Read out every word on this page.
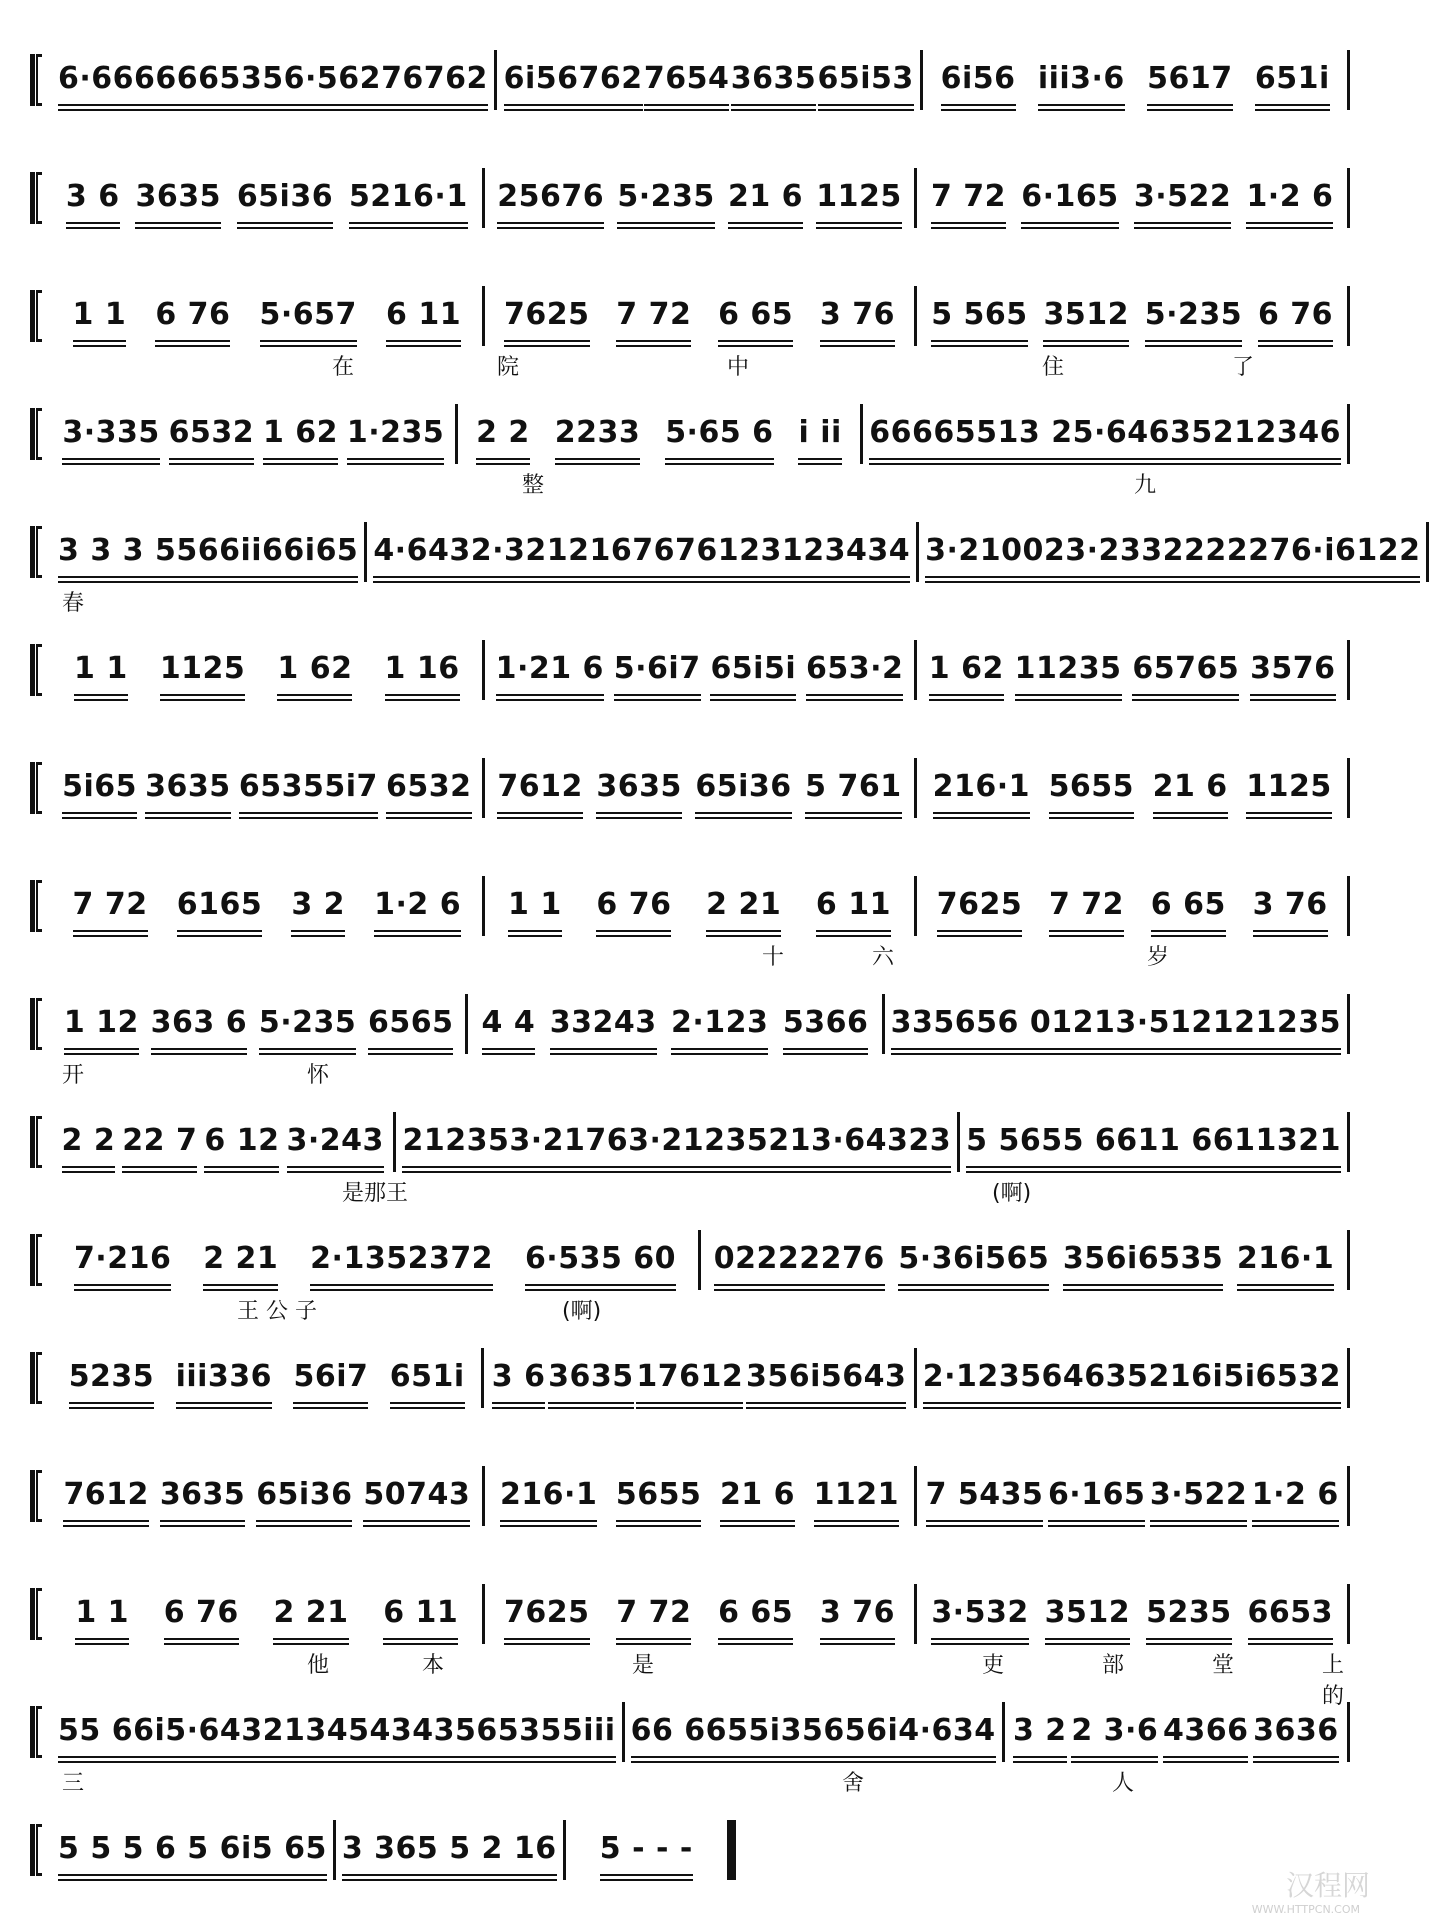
6·666 666535 6·562 76762 6i56762 7654 3635 65i53 6i56 iii3·6 5617 651i
3 6 3635 65i36 5216·1 25676 5·235 21 6 1125 7 72 6·165 3·522 1·2 6
1 1 6 76 5·657 6 11 7625 7 72 6 65 3 76 5 565 3512 5·235 6 76
在	院	中	住	了
3·335 6532 1 62 1·235 2 2 2233 5·65 6 i ii 6666 5513 2 5·64635 212346
整	九
3 3 3 55 66ii 66i65 4·643 2·321 21676761 23123434 3·21002 3·233 222227 6·i6122
春
1 1 1125 1 62 1 16 1·21 6 5·6i7 65i5i 653·2 1 62 11235 65765 3576
5i65 3635 65355i7 6532 7612 3635 65i36 5 761 216·1 5655 21 6 1125
7 72 6165 3 2 1·2 6 1 1 6 76 2 21 6 11 7625 7 72 6 65 3 76
十	六	岁
1 12 363 6 5·235 6565 4 4 33243 2·123 5366 33565 6 01 213·5 12121235
开	怀
2 2 22 7 6 12 3·243 21235 3·217 63·21235 213·64323 5 56 55 66 11 66 11321
是那王	(啊)
7·216 2 21 2·1352372 6·535 60 02222276 5·36i565 356i6535 216·1
王 公 子	(啊)
5235 iii336 56i7 651i 3 6 3635 17612 356i5643 2·123 564635 216i5i 6532
7612 3635 65i36 50743 216·1 5655 21 6 1121 7 5435 6·165 3·522 1·2 6
1 1 6 76 2 21 6 11 7625 7 72 6 65 3 76 3·532 3512 5235 6653
他	本	是	吏	部	堂	上的
55 66i 5·64321 34543435 65355iii 66 66 55i35 656i 4·634 3 2 2 3·6 4366 3636
三	舍	人
5 5 5 6 5 6i 5 65 3 36 5 5 2 1 6 5 - - -
汉程网
WWW.HTTPCN.COM
